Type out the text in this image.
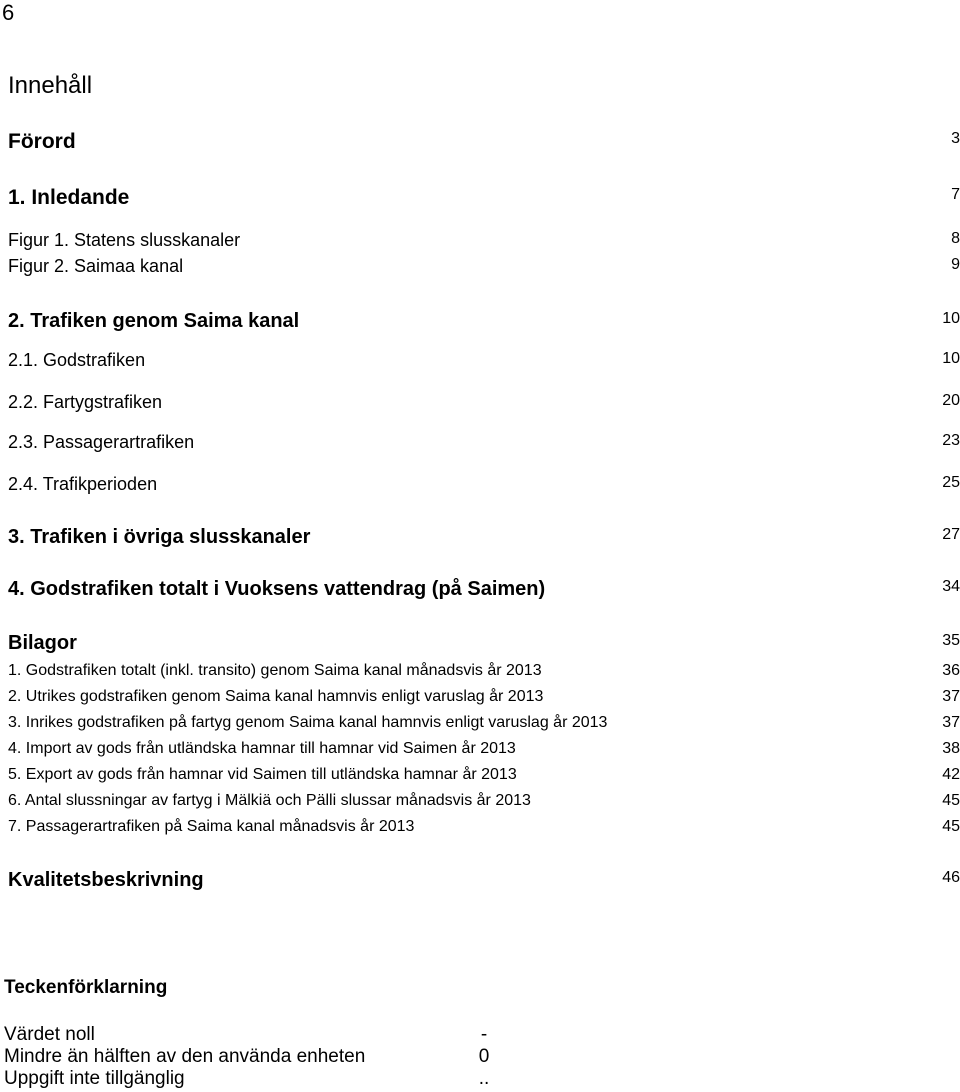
6
Innehåll
Förord	3
1. Inledande	7
Figur 1. Statens slusskanaler	8
Figur 2. Saimaa kanal	9
2. Trafiken genom Saima kanal	10
2.1. Godstrafiken	10
2.2. Fartygstrafiken	20
2.3. Passagerartrafiken	23
2.4. Trafikperioden	25
3. Trafiken i övriga slusskanaler	27
4. Godstrafiken totalt i Vuoksens vattendrag (på Saimen)	34
Bilagor	35
1. Godstrafiken totalt (inkl. transito) genom Saima kanal månadsvis år 2013	36
2. Utrikes godstrafiken genom Saima kanal hamnvis enligt varuslag år 2013	37
3. Inrikes godstrafiken på fartyg genom Saima kanal hamnvis enligt varuslag år 2013	37
4. Import av gods från utländska hamnar till hamnar vid Saimen år 2013	38
5. Export av gods från hamnar vid Saimen till utländska hamnar år 2013	42
6. Antal slussningar av fartyg i Mälkiä och Pälli slussar månadsvis år 2013	45
7. Passagerartrafiken på Saima kanal månadsvis år 2013	45
Kvalitetsbeskrivning	46
Teckenförklarning
Värdet noll	-
Mindre än hälften av den använda enheten	0
Uppgift inte tillgänglig	..
